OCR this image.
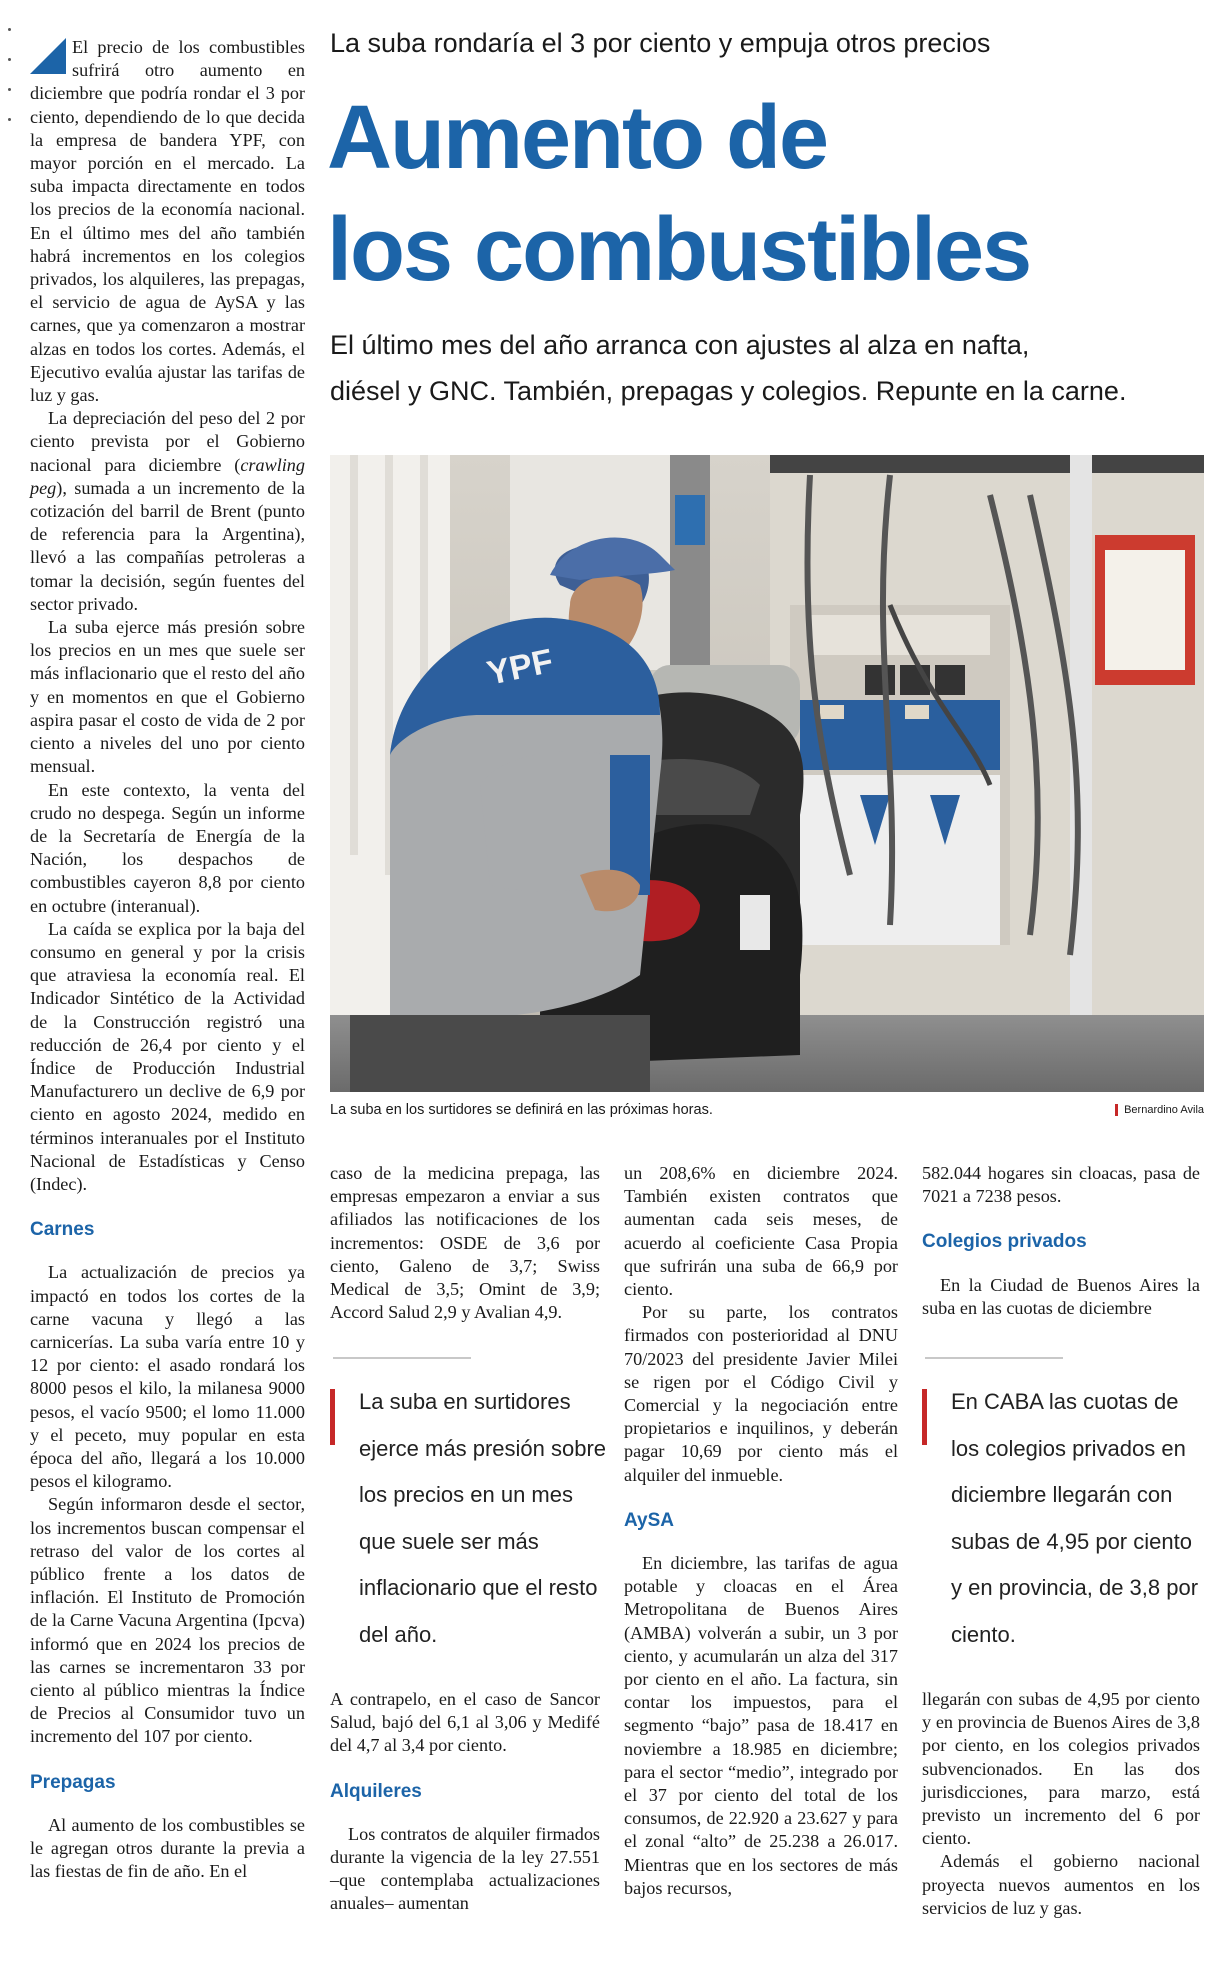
El precio de los combustibles sufrirá otro aumento en diciembre que podría rondar el 3 por ciento, dependiendo de lo que decida la empresa de bandera YPF, con mayor porción en el mercado. La suba impacta directamente en todos los precios de la economía nacional. En el último mes del año también habrá incrementos en los colegios privados, los alquileres, las prepagas, el servicio de agua de AySA y las carnes, que ya comenzaron a mostrar alzas en todos los cortes. Además, el Ejecutivo evalúa ajustar las tarifas de luz y gas.

La depreciación del peso del 2 por ciento prevista por el Gobierno nacional para diciembre (crawling peg), sumada a un incremento de la cotización del barril de Brent (punto de referencia para la Argentina), llevó a las compañías petroleras a tomar la decisión, según fuentes del sector privado.

La suba ejerce más presión sobre los precios en un mes que suele ser más inflacionario que el resto del año y en momentos en que el Gobierno aspira pasar el costo de vida de 2 por ciento a niveles del uno por ciento mensual.

En este contexto, la venta del crudo no despega. Según un informe de la Secretaría de Energía de la Nación, los despachos de combustibles cayeron 8,8 por ciento en octubre (interanual).

La caída se explica por la baja del consumo en general y por la crisis que atraviesa la economía real. El Indicador Sintético de la Actividad de la Construcción registró una reducción de 26,4 por ciento y el Índice de Producción Industrial Manufacturero un declive de 6,9 por ciento en agosto 2024, medido en términos interanuales por el Instituto Nacional de Estadísticas y Censo (Indec).

Carnes

La actualización de precios ya impactó en todos los cortes de la carne vacuna y llegó a las carnicerías. La suba varía entre 10 y 12 por ciento: el asado rondará los 8000 pesos el kilo, la milanesa 9000 pesos, el vacío 9500; el lomo 11.000 y el peceto, muy popular en esta época del año, llegará a los 10.000 pesos el kilogramo.

Según informaron desde el sector, los incrementos buscan compensar el retraso del valor de los cortes al público frente a los datos de inflación. El Instituto de Promoción de la Carne Vacuna Argentina (Ipcva) informó que en 2024 los precios de las carnes se incrementaron 33 por ciento al público mientras la Índice de Precios al Consumidor tuvo un incremento del 107 por ciento.

Prepagas

Al aumento de los combustibles se le agregan otros durante la previa a las fiestas de fin de año. En el

La suba rondaría el 3 por ciento y empuja otros precios
Aumento de
los combustibles
El último mes del año arranca con ajustes al alza en nafta,
diésel y GNC. También, prepagas y colegios. Repunte en la carne.
YPF
La suba en los surtidores se definirá en las próximas horas.	Bernardino Avila

caso de la medicina prepaga, las empresas empezaron a enviar a sus afiliados las notificaciones de los incrementos: OSDE de 3,6 por ciento, Galeno de 3,7; Swiss Medical de 3,5; Omint de 3,9; Accord Salud 2,9 y Avalian 4,9.

La suba en surtidores ejerce más presión sobre los precios en un mes que suele ser más inflacionario que el resto del año.

A contrapelo, en el caso de Sancor Salud, bajó del 6,1 al 3,06 y Medifé del 4,7 al 3,4 por ciento.

Alquileres

Los contratos de alquiler firmados durante la vigencia de la ley 27.551 –que contemplaba actualizaciones anuales– aumentan

un 208,6% en diciembre 2024. También existen contratos que aumentan cada seis meses, de acuerdo al coeficiente Casa Propia que sufrirán una suba de 66,9 por ciento.

Por su parte, los contratos firmados con posterioridad al DNU 70/2023 del presidente Javier Milei se rigen por el Código Civil y Comercial y la negociación entre propietarios e inquilinos, y deberán pagar 10,69 por ciento más el alquiler del inmueble.

AySA

En diciembre, las tarifas de agua potable y cloacas en el Área Metropolitana de Buenos Aires (AMBA) volverán a subir, un 3 por ciento, y acumularán un alza del 317 por ciento en el año. La factura, sin contar los impuestos, para el segmento “bajo” pasa de 18.417 en noviembre a 18.985 en diciembre; para el sector “medio”, integrado por el 37 por ciento del total de los consumos, de 22.920 a 23.627 y para el zonal “alto” de 25.238 a 26.017. Mientras que en los sectores de más bajos recursos,

582.044 hogares sin cloacas, pasa de 7021 a 7238 pesos.

Colegios privados

En la Ciudad de Buenos Aires la suba en las cuotas de diciembre

En CABA las cuotas de los colegios privados en diciembre llegarán con subas de 4,95 por ciento y en provincia, de 3,8 por ciento.

llegarán con subas de 4,95 por ciento y en provincia de Buenos Aires de 3,8 por ciento, en los colegios privados subvencionados. En las dos jurisdicciones, para marzo, está previsto un incremento del 6 por ciento.

Además el gobierno nacional proyecta nuevos aumentos en los servicios de luz y gas.
